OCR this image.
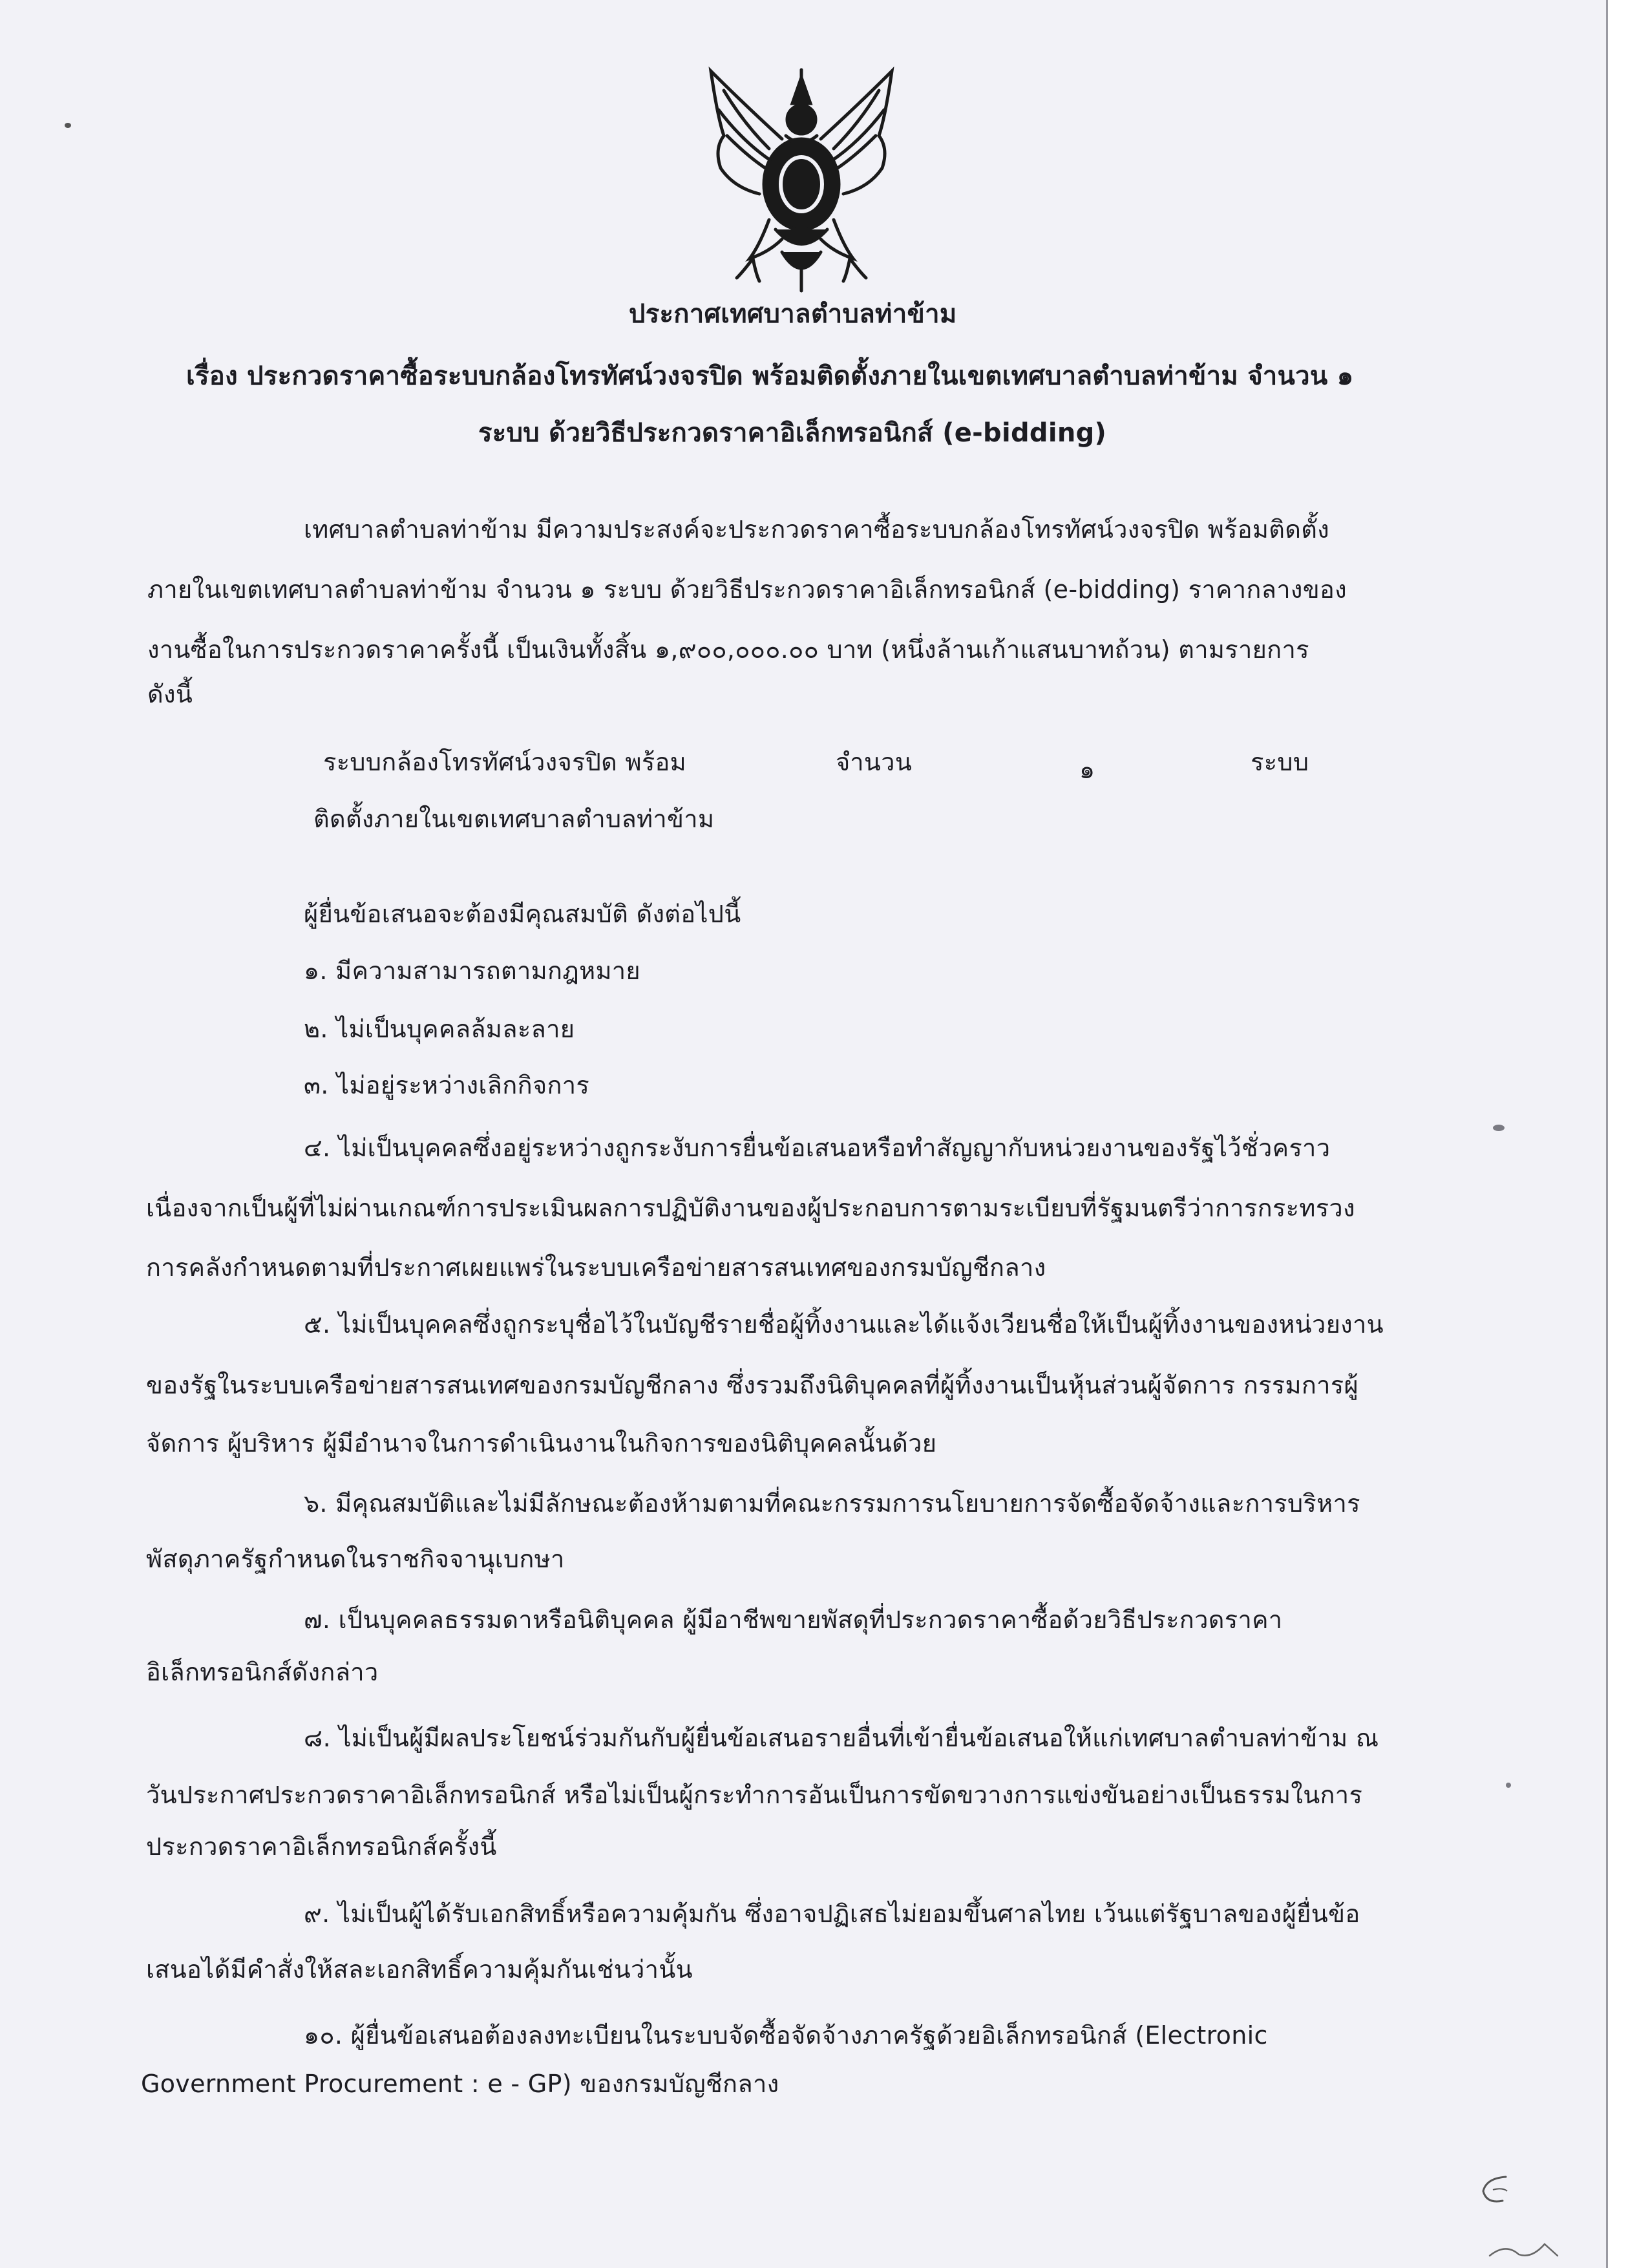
ประกาศเทศบาลตำบลท่าข้าม
เรื่อง ประกวดราคาซื้อระบบกล้องโทรทัศน์วงจรปิด พร้อมติดตั้งภายในเขตเทศบาลตำบลท่าข้าม จำนวน ๑
ระบบ ด้วยวิธีประกวดราคาอิเล็กทรอนิกส์ (e-bidding)
เทศบาลตำบลท่าข้าม มีความประสงค์จะประกวดราคาซื้อระบบกล้องโทรทัศน์วงจรปิด พร้อมติดตั้ง
ภายในเขตเทศบาลตำบลท่าข้าม จำนวน ๑ ระบบ ด้วยวิธีประกวดราคาอิเล็กทรอนิกส์ (e-bidding) ราคากลางของ
งานซื้อในการประกวดราคาครั้งนี้ เป็นเงินทั้งสิ้น ๑,๙๐๐,๐๐๐.๐๐ บาท (หนึ่งล้านเก้าแสนบาทถ้วน) ตามรายการ
ดังนี้
ระบบกล้องโทรทัศน์วงจรปิด พร้อม
ติดตั้งภายในเขตเทศบาลตำบลท่าข้าม
จำนวน	๑	ระบบ
ผู้ยื่นข้อเสนอจะต้องมีคุณสมบัติ ดังต่อไปนี้
๑. มีความสามารถตามกฎหมาย
๒. ไม่เป็นบุคคลล้มละลาย
๓. ไม่อยู่ระหว่างเลิกกิจการ
๔. ไม่เป็นบุคคลซึ่งอยู่ระหว่างถูกระงับการยื่นข้อเสนอหรือทำสัญญากับหน่วยงานของรัฐไว้ชั่วคราว
เนื่องจากเป็นผู้ที่ไม่ผ่านเกณฑ์การประเมินผลการปฏิบัติงานของผู้ประกอบการตามระเบียบที่รัฐมนตรีว่าการกระทรวง
การคลังกำหนดตามที่ประกาศเผยแพร่ในระบบเครือข่ายสารสนเทศของกรมบัญชีกลาง
๕. ไม่เป็นบุคคลซึ่งถูกระบุชื่อไว้ในบัญชีรายชื่อผู้ทิ้งงานและได้แจ้งเวียนชื่อให้เป็นผู้ทิ้งงานของหน่วยงาน
ของรัฐในระบบเครือข่ายสารสนเทศของกรมบัญชีกลาง ซึ่งรวมถึงนิติบุคคลที่ผู้ทิ้งงานเป็นหุ้นส่วนผู้จัดการ กรรมการผู้
จัดการ ผู้บริหาร ผู้มีอำนาจในการดำเนินงานในกิจการของนิติบุคคลนั้นด้วย
๖. มีคุณสมบัติและไม่มีลักษณะต้องห้ามตามที่คณะกรรมการนโยบายการจัดซื้อจัดจ้างและการบริหาร
พัสดุภาครัฐกำหนดในราชกิจจานุเบกษา
๗. เป็นบุคคลธรรมดาหรือนิติบุคคล ผู้มีอาชีพขายพัสดุที่ประกวดราคาซื้อด้วยวิธีประกวดราคา
อิเล็กทรอนิกส์ดังกล่าว
๘. ไม่เป็นผู้มีผลประโยชน์ร่วมกันกับผู้ยื่นข้อเสนอรายอื่นที่เข้ายื่นข้อเสนอให้แก่เทศบาลตำบลท่าข้าม ณ
วันประกาศประกวดราคาอิเล็กทรอนิกส์ หรือไม่เป็นผู้กระทำการอันเป็นการขัดขวางการแข่งขันอย่างเป็นธรรมในการ
ประกวดราคาอิเล็กทรอนิกส์ครั้งนี้
๙. ไม่เป็นผู้ได้รับเอกสิทธิ์หรือความคุ้มกัน ซึ่งอาจปฏิเสธไม่ยอมขึ้นศาลไทย เว้นแต่รัฐบาลของผู้ยื่นข้อ
เสนอได้มีคำสั่งให้สละเอกสิทธิ์ความคุ้มกันเช่นว่านั้น
๑๐. ผู้ยื่นข้อเสนอต้องลงทะเบียนในระบบจัดซื้อจัดจ้างภาครัฐด้วยอิเล็กทรอนิกส์ (Electronic
Government Procurement : e - GP) ของกรมบัญชีกลาง
